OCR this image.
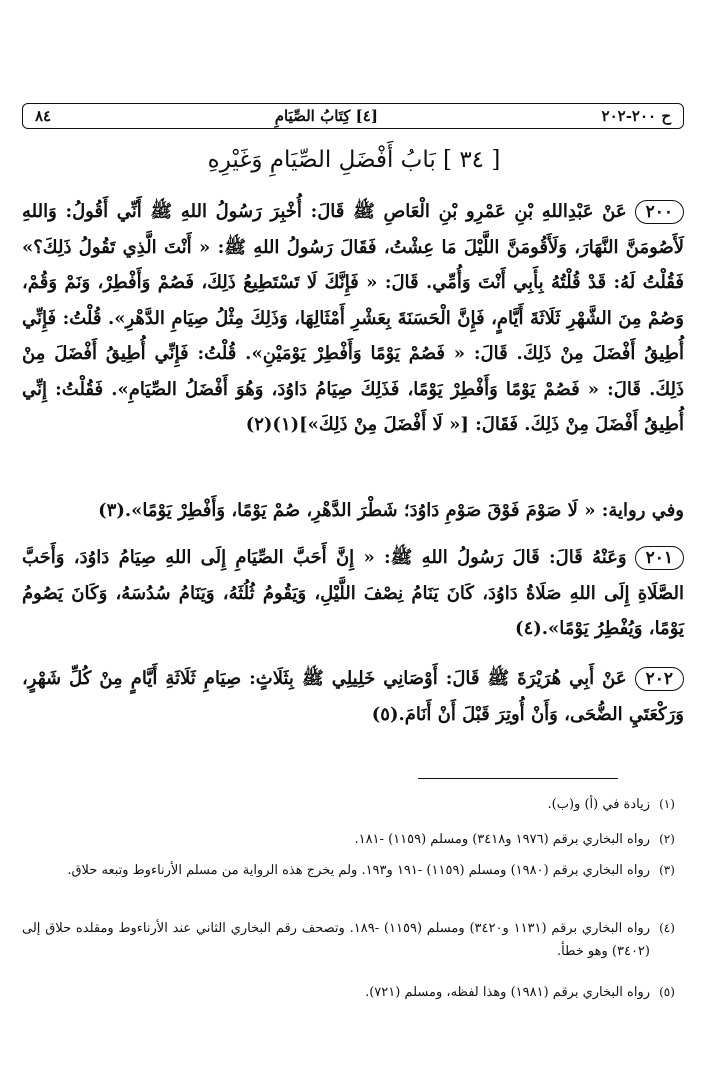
ح ٢٠٠-٢٠٢
[٤] كِتَابُ الصِّيَامِ
٨٤
[ ٣٤ ] بَابُ أَفْضَلِ الصِّيَامِ وَغَيْرِهِ
٢٠٠عَنْ عَبْدِاللهِ بْنِ عَمْرِو بْنِ الْعَاصِ ﷺ قَالَ: أُخْبِرَ رَسُولُ اللهِ ﷺ أَنِّي أَقُولُ: وَاللهِ لَأَصُومَنَّ النَّهَارَ، وَلَأَقُومَنَّ اللَّيْلَ مَا عِشْتُ، فَقَالَ رَسُولُ اللهِ ﷺ: « أَنْتَ الَّذِي تَقُولُ ذَلِكَ؟» فَقُلْتُ لَهُ: قَدْ قُلْتُهُ بِأَبِي أَنْتَ وَأُمِّي. قَالَ: « فَإِنَّكَ لَا تَسْتَطِيعُ ذَلِكَ، فَصُمْ وَأَفْطِرْ، وَنَمْ وَقُمْ، وَصُمْ مِنَ الشَّهْرِ ثَلَاثَةَ أَيَّامٍ، فَإِنَّ الْحَسَنَةَ بِعَشْرِ أَمْثَالِهَا، وَذَلِكَ مِثْلُ صِيَامِ الدَّهْرِ». قُلْتُ: فَإِنِّي أُطِيقُ أَفْضَلَ مِنْ ذَلِكَ. قَالَ: « فَصُمْ يَوْمًا وَأَفْطِرْ يَوْمَيْنِ». قُلْتُ: فَإِنِّي أُطِيقُ أَفْضَلَ مِنْ ذَلِكَ. قَالَ: « فَصُمْ يَوْمًا وَأَفْطِرْ يَوْمًا، فَذَلِكَ صِيَامُ دَاوُدَ، وَهُوَ أَفْضَلُ الصِّيَامِ». فَقُلْتُ: إِنِّي أُطِيقُ أَفْضَلَ مِنْ ذَلِكَ. فَقَالَ: [« لَا أَفْضَلَ مِنْ ذَلِكَ»](١)(٢)
وفي رواية: « لَا صَوْمَ فَوْقَ صَوْمِ دَاوُدَ؛ شَطْرَ الدَّهْرِ، صُمْ يَوْمًا، وَأَفْطِرْ يَوْمًا».(٣)
٢٠١وَعَنْهُ قَالَ: قَالَ رَسُولُ اللهِ ﷺ: « إِنَّ أَحَبَّ الصِّيَامِ إِلَى اللهِ صِيَامُ دَاوُدَ، وَأَحَبَّ الصَّلَاةِ إِلَى اللهِ صَلَاةُ دَاوُدَ، كَانَ يَنَامُ نِصْفَ اللَّيْلِ، وَيَقُومُ ثُلُثَهُ، وَيَنَامُ سُدُسَهُ، وَكَانَ يَصُومُ يَوْمًا، وَيُفْطِرُ يَوْمًا».(٤)
٢٠٢عَنْ أَبِي هُرَيْرَةَ ﷺ قَالَ: أَوْصَانِي خَلِيلِي ﷺ بِثَلَاثٍ: صِيَامِ ثَلَاثَةِ أَيَّامٍ مِنْ كُلِّ شَهْرٍ، وَرَكْعَتَيِ الضُّحَى، وَأَنْ أُوتِرَ قَبْلَ أَنْ أَنَامَ.(٥)
(١)
زيادة في (أ) و(ب).
(٢)
رواه البخاري برقم (١٩٧٦ و٣٤١٨) ومسلم (١١٥٩) -١٨١.
(٣)
رواه البخاري برقم (١٩٨٠) ومسلم (١١٥٩) -١٩١ و١٩٣. ولم يخرج هذه الرواية من مسلم الأرناءوط وتبعه حلاق.
(٤)
رواه البخاري برقم (١١٣١ و٣٤٢٠) ومسلم (١١٥٩) -١٨٩. وتصحف رقم البخاري الثاني عند الأرناءوط ومقلده حلاق إلى (٣٤٠٢) وهو خطأ.
(٥)
رواه البخاري برقم (١٩٨١) وهذا لفظه، ومسلم (٧٢١).
